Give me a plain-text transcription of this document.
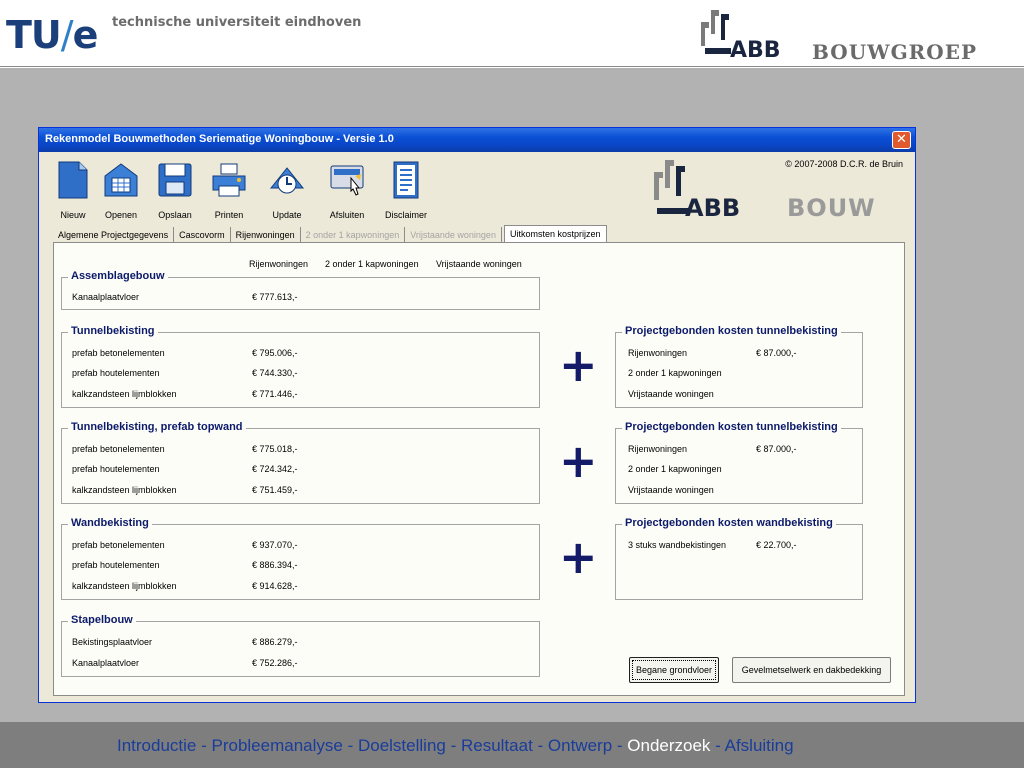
TU/e technische universiteit eindhoven
ABB BOUWGROEP
Rekenmodel Bouwmethoden Seriematige Woningbouw - Versie 1.0	✕
Nieuw	Openen	Opslaan	Printen	Update	Afsluiten	Disclaimer
© 2007-2008 D.C.R. de Bruin
ABB BOUW
Algemene Projectgegevens	Cascovorm	Rijenwoningen	2 onder 1 kapwoningen	Vrijstaande woningen	Uitkomsten kostprijzen
Rijenwoningen 2 onder 1 kapwoningen Vrijstaande woningen
Assemblagebouw
Kanaalplaatvloer	€ 777.613,-
Tunnelbekisting
prefab betonelementen	€ 795.006,-
prefab houtelementen	€ 744.330,-
kalkzandsteen lijmblokken	€ 771.446,-
Tunnelbekisting, prefab topwand
prefab betonelementen	€ 775.018,-
prefab houtelementen	€ 724.342,-
kalkzandsteen lijmblokken	€ 751.459,-
Wandbekisting
prefab betonelementen	€ 937.070,-
prefab houtelementen	€ 886.394,-
kalkzandsteen lijmblokken	€ 914.628,-
Stapelbouw
Bekistingsplaatvloer	€ 886.279,-
Kanaalplaatvloer	€ 752.286,-
+
+
+
Projectgebonden kosten tunnelbekisting
Rijenwoningen	€ 87.000,-
2 onder 1 kapwoningen
Vrijstaande woningen
Projectgebonden kosten tunnelbekisting
Rijenwoningen	€ 87.000,-
2 onder 1 kapwoningen
Vrijstaande woningen
Projectgebonden kosten wandbekisting
3 stuks wandbekistingen	€ 22.700,-
Begane grondvloer	Gevelmetselwerk en dakbedekking
Introductie - Probleemanalyse - Doelstelling - Resultaat - Ontwerp - Onderzoek - Afsluiting
